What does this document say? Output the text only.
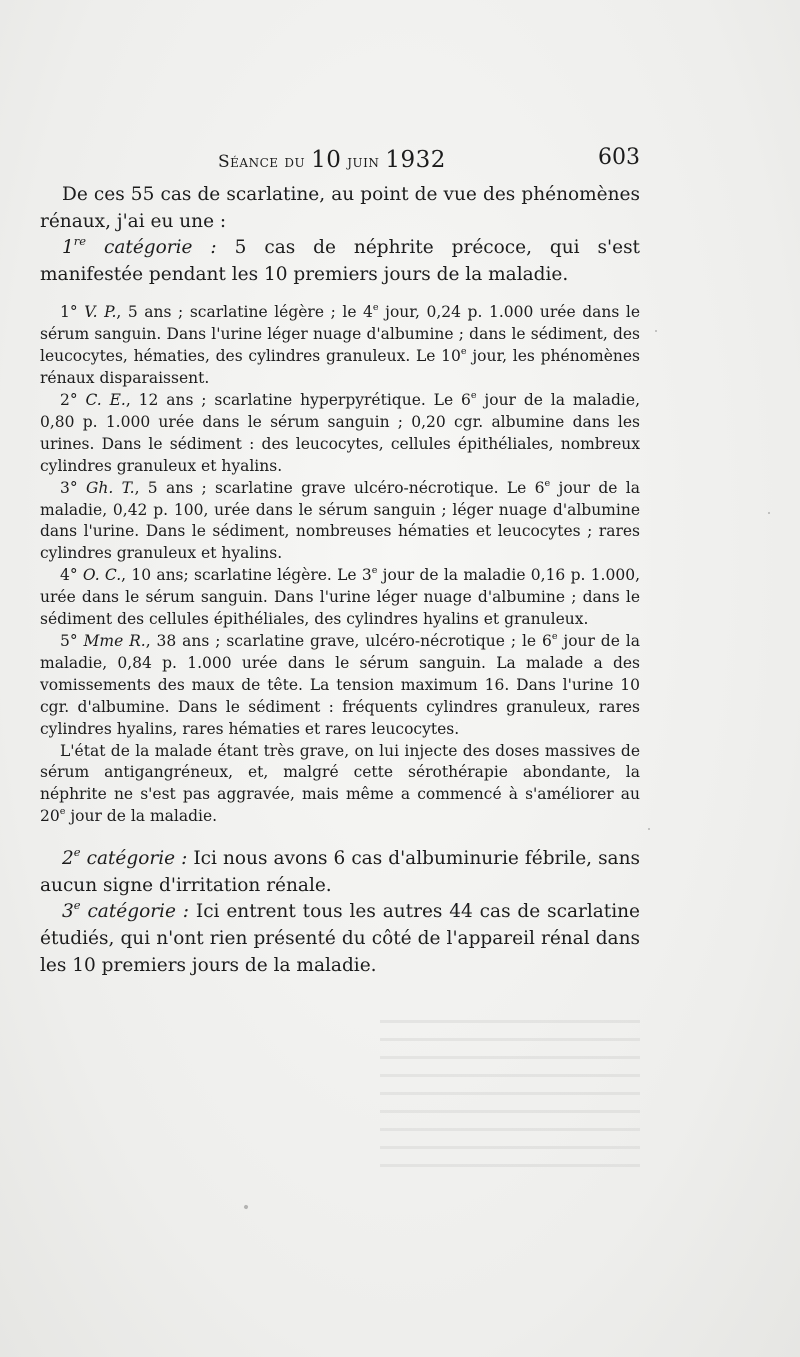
Séance du 10 juin 1932	603

De ces 55 cas de scarlatine, au point de vue des phénomènes rénaux, j'ai eu une :

1re catégorie : 5 cas de néphrite précoce, qui s'est manifestée pendant les 10 premiers jours de la maladie.

1° V. P., 5 ans ; scarlatine légère ; le 4e jour, 0,24 p. 1.000 urée dans le sérum sanguin. Dans l'urine léger nuage d'albumine ; dans le sédiment, des leucocytes, hématies, des cylindres granuleux. Le 10e jour, les phénomènes rénaux disparaissent.

2° C. E., 12 ans ; scarlatine hyperpyrétique. Le 6e jour de la maladie, 0,80 p. 1.000 urée dans le sérum sanguin ; 0,20 cgr. albumine dans les urines. Dans le sédiment : des leucocytes, cellules épithéliales, nombreux cylindres granuleux et hyalins.

3° Gh. T., 5 ans ; scarlatine grave ulcéro-nécrotique. Le 6e jour de la maladie, 0,42 p. 100, urée dans le sérum sanguin ; léger nuage d'albumine dans l'urine. Dans le sédiment, nombreuses hématies et leucocytes ; rares cylindres granuleux et hyalins.

4° O. C., 10 ans; scarlatine légère. Le 3e jour de la maladie 0,16 p. 1.000, urée dans le sérum sanguin. Dans l'urine léger nuage d'albumine ; dans le sédiment des cellules épithéliales, des cylindres hyalins et granuleux.

5° Mme R., 38 ans ; scarlatine grave, ulcéro-nécrotique ; le 6e jour de la maladie, 0,84 p. 1.000 urée dans le sérum sanguin. La malade a des vomissements des maux de tête. La tension maximum 16. Dans l'urine 10 cgr. d'albumine. Dans le sédiment : fréquents cylindres granuleux, rares cylindres hyalins, rares hématies et rares leucocytes.

L'état de la malade étant très grave, on lui injecte des doses massives de sérum antigangréneux, et, malgré cette sérothérapie abondante, la néphrite ne s'est pas aggravée, mais même a commencé à s'améliorer au 20e jour de la maladie.

2e catégorie : Ici nous avons 6 cas d'albuminurie fébrile, sans aucun signe d'irritation rénale.

3e catégorie : Ici entrent tous les autres 44 cas de scarlatine étudiés, qui n'ont rien présenté du côté de l'appareil rénal dans les 10 premiers jours de la maladie.
